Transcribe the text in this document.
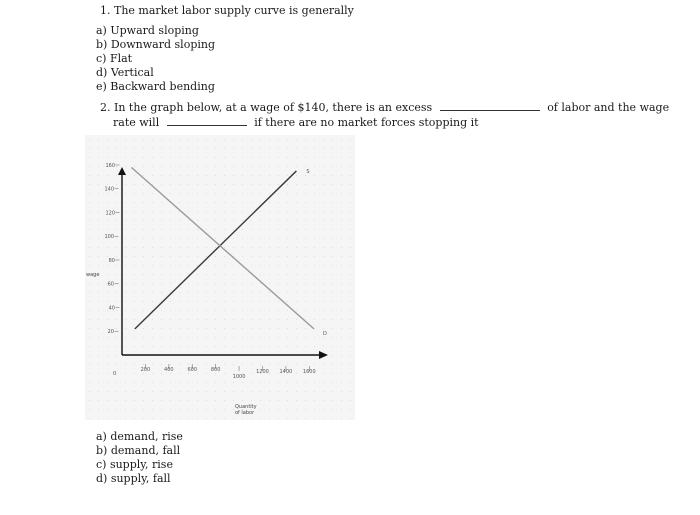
1. The market labor supply curve is generally
a) Upward sloping
b) Downward sloping
c) Flat
d) Vertical
e) Backward bending
2. In the graph below, at a wage of $140, there is an excess	of labor and the wage
rate will	if there are no market forces stopping it
160
140
120
100
80
60
40
20
200	400	600	800
1000
1200 1400 1600
S
D
wage
0
Quantity
of labor
a) demand, rise
b) demand, fall
c) supply, rise
d) supply, fall
